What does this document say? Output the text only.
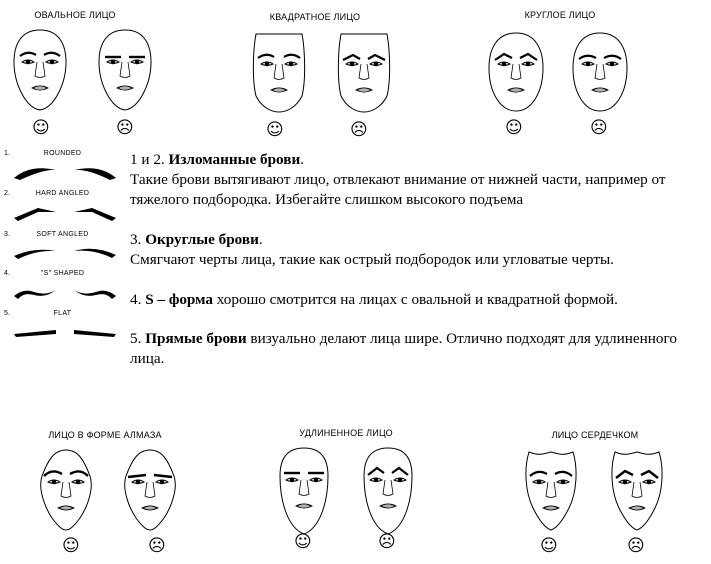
ОВАЛЬНОЕ ЛИЦО
☺	☹
КВАДРАТНОЕ ЛИЦО
☺	☹
КРУГЛОЕ ЛИЦО
☺	☹
1.	ROUNDED
2.	HARD ANGLED
3.	SOFT ANGLED
4.	"S" SHAPED
5.	FLAT

1 и 2. Изломанные брови.

Такие брови вытягивают лицо, отвлекают внимание от нижней части, например от тяжелого подбородка. Избегайте слишком высокого подъема

3. Округлые брови.

Смягчают черты лица, такие как острый подбородок или угловатые черты.

4. S – форма хорошо смотрится на лицах с овальной и квадратной формой.

5. Прямые брови визуально делают лица шире. Отлично подходят для удлиненного лица.

ЛИЦО В ФОРМЕ АЛМАЗА
☺	☹
УДЛИНЕННОЕ ЛИЦО
☺	☹
ЛИЦО СЕРДЕЧКОМ
☺	☹
